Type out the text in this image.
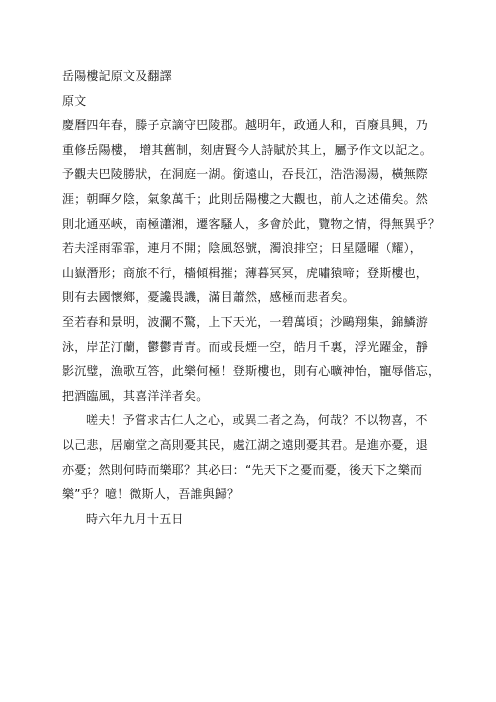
岳陽樓記原文及翻譯
原文
慶曆四年春，滕子京謫守巴陵郡。越明年，政通人和，百廢具興，乃
重修岳陽樓， 增其舊制，刻唐賢今人詩賦於其上，屬予作文以記之。
予觀夫巴陵勝狀，在洞庭一湖。銜遠山，吞長江，浩浩湯湯，橫無際
涯；朝暉夕陰，氣象萬千；此則岳陽樓之大觀也，前人之述備矣。然
則北通巫峽，南極瀟湘，遷客騷人，多會於此，覽物之情，得無異乎？
若夫淫雨霏霏，連月不開；陰風怒號，濁浪排空；日星隱曜（耀），
山嶽潛形；商旅不行，檣傾楫摧；薄暮冥冥，虎嘯猿啼；登斯樓也，
則有去國懷鄉，憂讒畏譏，滿目蕭然，感極而悲者矣。
至若春和景明，波瀾不驚，上下天光，一碧萬頃；沙鷗翔集，錦鱗游
泳，岸芷汀蘭，鬱鬱青青。而或長煙一空，皓月千裏，浮光躍金，靜
影沉璧，漁歌互答，此樂何極！登斯樓也，則有心曠神怡，寵辱偕忘，
把酒臨風，其喜洋洋者矣。
嗟夫！予嘗求古仁人之心，或異二者之為，何哉？不以物喜，不
以己悲，居廟堂之高則憂其民，處江湖之遠則憂其君。是進亦憂，退
亦憂；然則何時而樂耶？其必曰：“先天下之憂而憂，後天下之樂而
樂”乎？噫！微斯人，吾誰與歸？
時六年九月十五日
